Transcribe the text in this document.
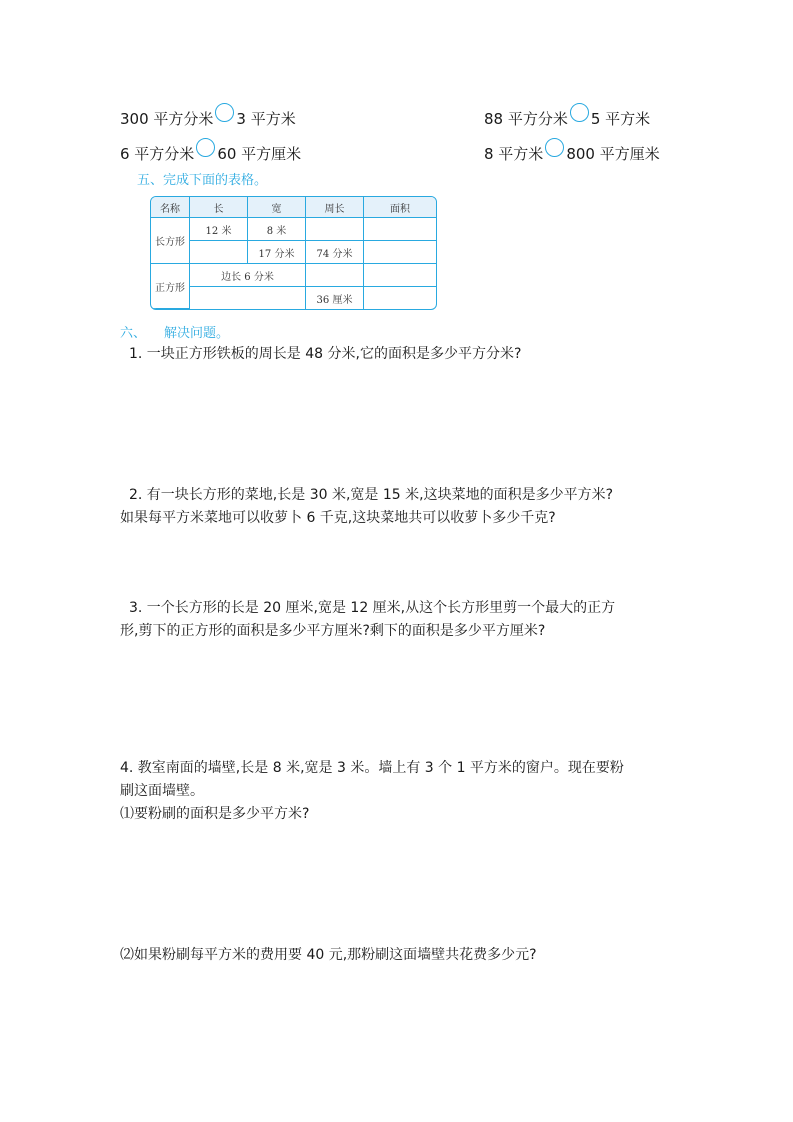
300 平方分米 3 平方米	88 平方分米 5 平方米
6 平方分米 60 平方厘米	8 平方米 800 平方厘米
五、完成下面的表格。
名称	长	宽	周长	面积
长方形	12 米	8 米		
		17 分米	74 分米	
正方形	边长 6 分米			
			36 厘米	
六、 解决问题。
1. 一块正方形铁板的周长是 48 分米,它的面积是多少平方分米?
2. 有一块长方形的菜地,长是 30 米,宽是 15 米,这块菜地的面积是多少平方米?
如果每平方米菜地可以收萝卜 6 千克,这块菜地共可以收萝卜多少千克?
3. 一个长方形的长是 20 厘米,宽是 12 厘米,从这个长方形里剪一个最大的正方
形,剪下的正方形的面积是多少平方厘米?剩下的面积是多少平方厘米?
4. 教室南面的墙壁,长是 8 米,宽是 3 米。墙上有 3 个 1 平方米的窗户。现在要粉
刷这面墙壁。
⑴要粉刷的面积是多少平方米?
⑵如果粉刷每平方米的费用要 40 元,那粉刷这面墙壁共花费多少元?
